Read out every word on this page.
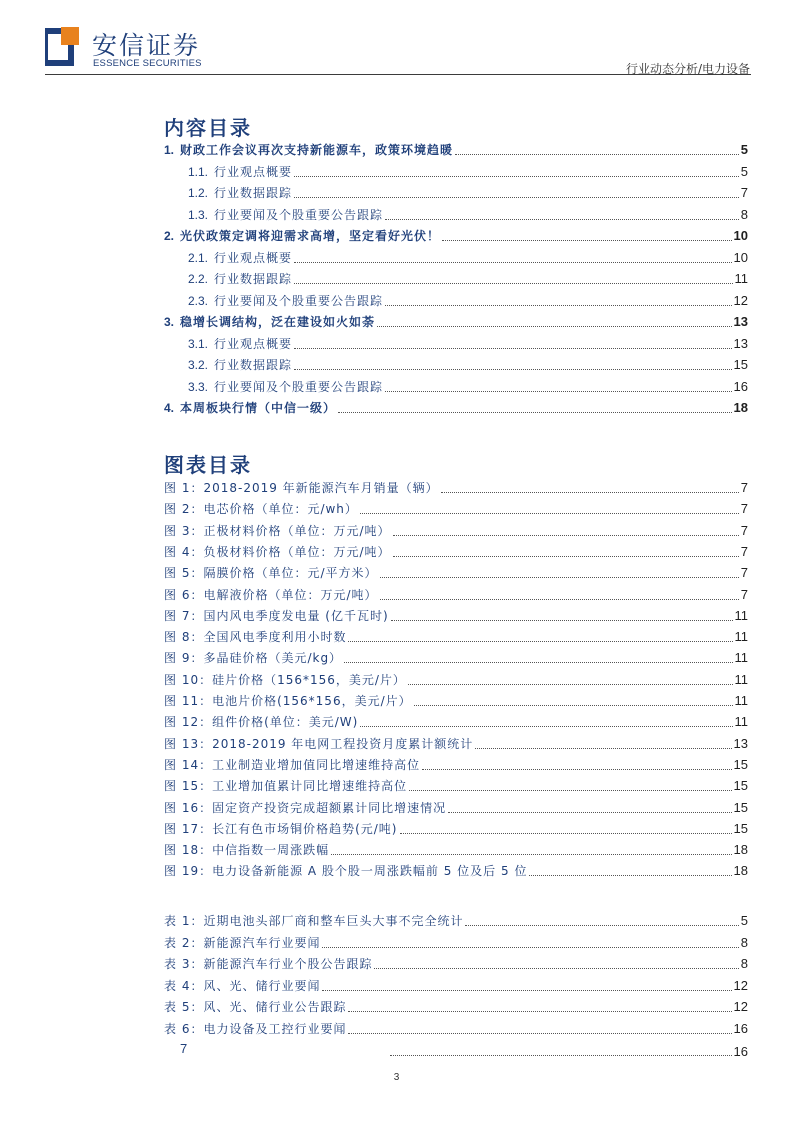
安信证券
ESSENCE SECURITIES	行业动态分析/电力设备
内容目录
1. 财政工作会议再次支持新能源车，政策环境趋暖	5
1.1. 行业观点概要	5
1.2. 行业数据跟踪	7
1.3. 行业要闻及个股重要公告跟踪	8
2. 光伏政策定调将迎需求高增，坚定看好光伏！	10
2.1. 行业观点概要	10
2.2. 行业数据跟踪	11
2.3. 行业要闻及个股重要公告跟踪	12
3. 稳增长调结构，泛在建设如火如荼	13
3.1. 行业观点概要	13
3.2. 行业数据跟踪	15
3.3. 行业要闻及个股重要公告跟踪	16
4. 本周板块行情（中信一级）	18
图表目录
图 1：2018-2019 年新能源汽车月销量（辆）	7
图 2：电芯价格（单位：元/wh）	7
图 3：正极材料价格（单位：万元/吨）	7
图 4：负极材料价格（单位：万元/吨）	7
图 5：隔膜价格（单位：元/平方米）	7
图 6：电解液价格（单位：万元/吨）	7
图 7：国内风电季度发电量 (亿千瓦时)	11
图 8：全国风电季度利用小时数	11
图 9：多晶硅价格（美元/kg）	11
图 10：硅片价格（156*156，美元/片）	11
图 11：电池片价格(156*156，美元/片）	11
图 12：组件价格(单位：美元/W)	11
图 13：2018-2019 年电网工程投资月度累计额统计	13
图 14：工业制造业增加值同比增速维持高位	15
图 15：工业增加值累计同比增速维持高位	15
图 16：固定资产投资完成超额累计同比增速情况	15
图 17：长江有色市场铜价格趋势(元/吨)	15
图 18：中信指数一周涨跌幅	18
图 19：电力设备新能源 A 股个股一周涨跌幅前 5 位及后 5 位	18
表 1：近期电池头部厂商和整车巨头大事不完全统计	5
表 2：新能源汽车行业要闻	8
表 3：新能源汽车行业个股公告跟踪	8
表 4：风、光、储行业要闻	12
表 5：风、光、储行业公告跟踪	12
表 6：电力设备及工控行业要闻	16
7	16
3
